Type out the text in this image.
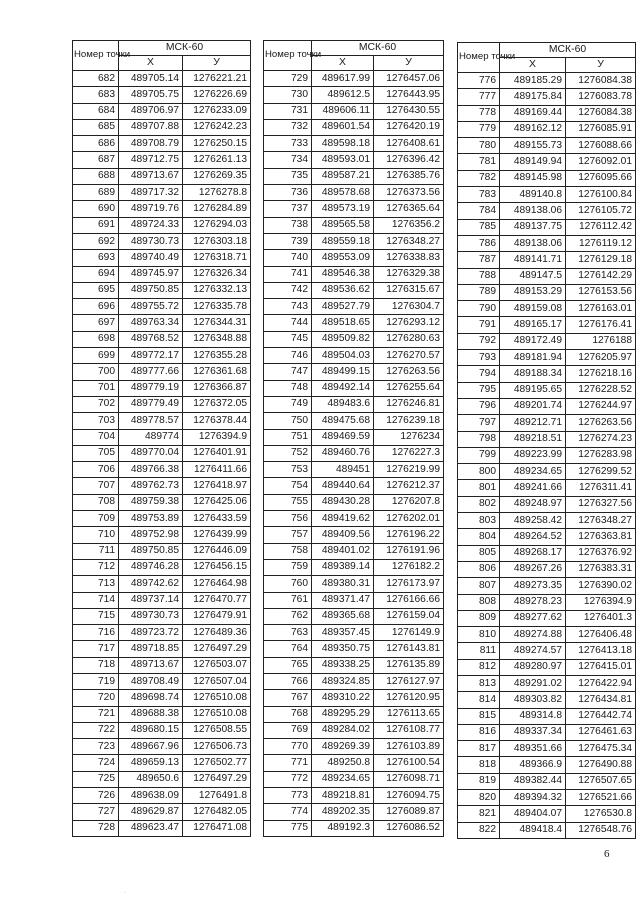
Номер точки	МСК-60	
	X	У
682	489705.14	1276221.21
683	489705.75	1276226.69
684	489706.97	1276233.09
685	489707.88	1276242.23
686	489708.79	1276250.15
687	489712.75	1276261.13
688	489713.67	1276269.35
689	489717.32	1276278.8
690	489719.76	1276284.89
691	489724.33	1276294.03
692	489730.73	1276303.18
693	489740.49	1276318.71
694	489745.97	1276326.34
695	489750.85	1276332.13
696	489755.72	1276335.78
697	489763.34	1276344.31
698	489768.52	1276348.88
699	489772.17	1276355.28
700	489777.66	1276361.68
701	489779.19	1276366.87
702	489779.49	1276372.05
703	489778.57	1276378.44
704	489774	1276394.9
705	489770.04	1276401.91
706	489766.38	1276411.66
707	489762.73	1276418.97
708	489759.38	1276425.06
709	489753.89	1276433.59
710	489752.98	1276439.99
711	489750.85	1276446.09
712	489746.28	1276456.15
713	489742.62	1276464.98
714	489737.14	1276470.77
715	489730.73	1276479.91
716	489723.72	1276489.36
717	489718.85	1276497.29
718	489713.67	1276503.07
719	489708.49	1276507.04
720	489698.74	1276510.08
721	489688.38	1276510.08
722	489680.15	1276508.55
723	489667.96	1276506.73
724	489659.13	1276502.77
725	489650.6	1276497.29
726	489638.09	1276491.8
727	489629.87	1276482.05
728	489623.47	1276471.08
Номер точки	МСК-60	
	X	У
729	489617.99	1276457.06
730	489612.5	1276443.95
731	489606.11	1276430.55
732	489601.54	1276420.19
733	489598.18	1276408.61
734	489593.01	1276396.42
735	489587.21	1276385.76
736	489578.68	1276373.56
737	489573.19	1276365.64
738	489565.58	1276356.2
739	489559.18	1276348.27
740	489553.09	1276338.83
741	489546.38	1276329.38
742	489536.62	1276315.67
743	489527.79	1276304.7
744	489518.65	1276293.12
745	489509.82	1276280.63
746	489504.03	1276270.57
747	489499.15	1276263.56
748	489492.14	1276255.64
749	489483.6	1276246.81
750	489475.68	1276239.18
751	489469.59	1276234
752	489460.76	1276227.3
753	489451	1276219.99
754	489440.64	1276212.37
755	489430.28	1276207.8
756	489419.62	1276202.01
757	489409.56	1276196.22
758	489401.02	1276191.96
759	489389.14	1276182.2
760	489380.31	1276173.97
761	489371.47	1276166.66
762	489365.68	1276159.04
763	489357.45	1276149.9
764	489350.75	1276143.81
765	489338.25	1276135.89
766	489324.85	1276127.97
767	489310.22	1276120.95
768	489295.29	1276113.65
769	489284.02	1276108.77
770	489269.39	1276103.89
771	489250.8	1276100.54
772	489234.65	1276098.71
773	489218.81	1276094.75
774	489202.35	1276089.87
775	489192.3	1276086.52
Номер точки	МСК-60	
	X	У
776	489185.29	1276084.38
777	489175.84	1276083.78
778	489169.44	1276084.38
779	489162.12	1276085.91
780	489155.73	1276088.66
781	489149.94	1276092.01
782	489145.98	1276095.66
783	489140.8	1276100.84
784	489138.06	1276105.72
785	489137.75	1276112.42
786	489138.06	1276119.12
787	489141.71	1276129.18
788	489147.5	1276142.29
789	489153.29	1276153.56
790	489159.08	1276163.01
791	489165.17	1276176.41
792	489172.49	1276188
793	489181.94	1276205.97
794	489188.34	1276218.16
795	489195.65	1276228.52
796	489201.74	1276244.97
797	489212.71	1276263.56
798	489218.51	1276274.23
799	489223.99	1276283.98
800	489234.65	1276299.52
801	489241.66	1276311.41
802	489248.97	1276327.56
803	489258.42	1276348.27
804	489264.52	1276363.81
805	489268.17	1276376.92
806	489267.26	1276383.31
807	489273.35	1276390.02
808	489278.23	1276394.9
809	489277.62	1276401.3
810	489274.88	1276406.48
811	489274.57	1276413.18
812	489280.97	1276415.01
813	489291.02	1276422.94
814	489303.82	1276434.81
815	489314.8	1276442.74
816	489337.34	1276461.63
817	489351.66	1276475.34
818	489366.9	1276490.88
819	489382.44	1276507.65
820	489394.32	1276521.66
821	489404.07	1276530.8
822	489418.4	1276548.76
6
·
